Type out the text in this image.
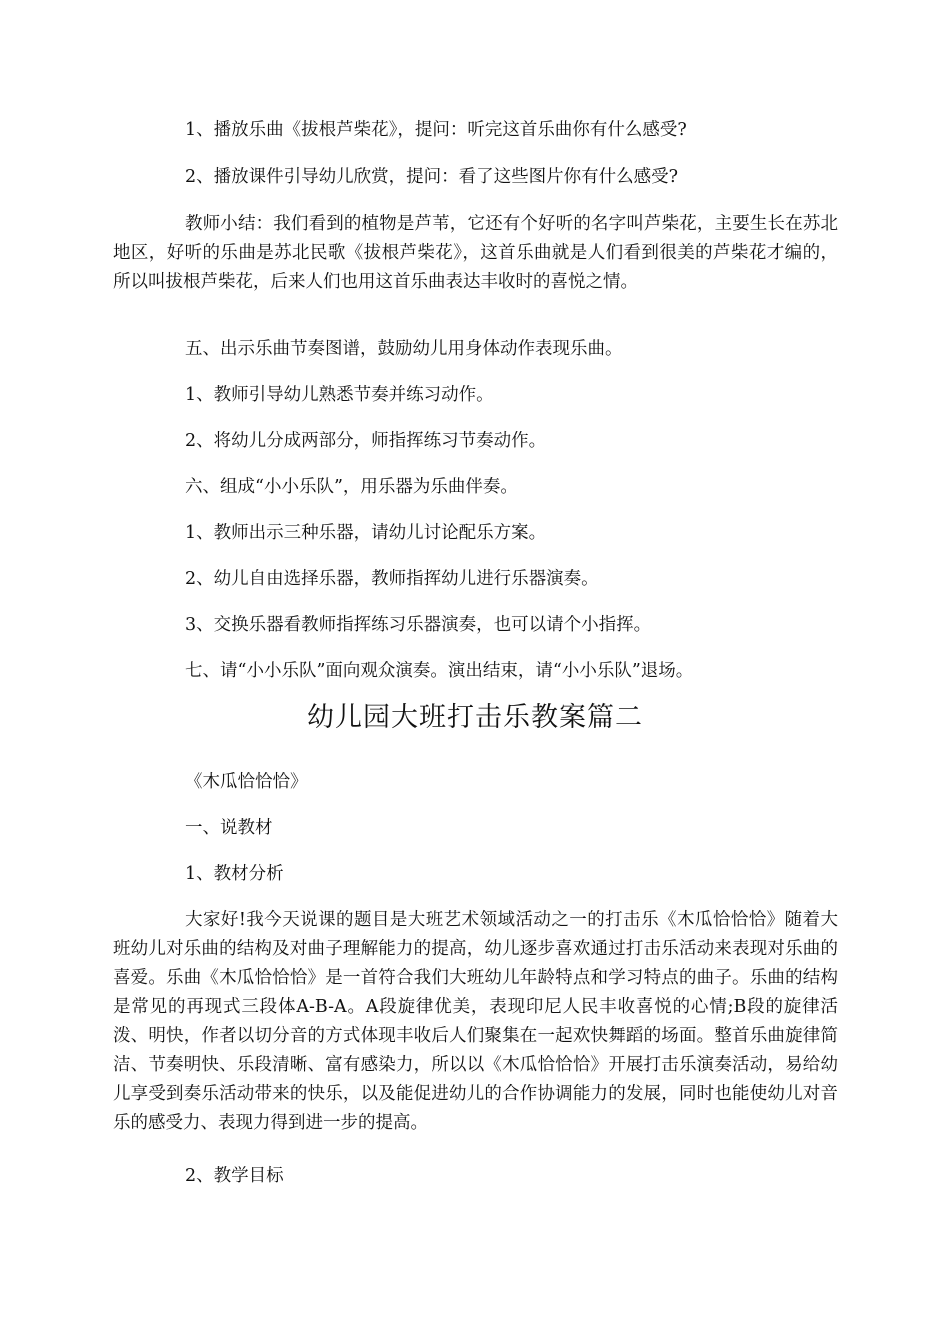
1、播放乐曲《拔根芦柴花》，提问：听完这首乐曲你有什么感受?

2、播放课件引导幼儿欣赏，提问：看了这些图片你有什么感受?

教师小结：我们看到的植物是芦苇，它还有个好听的名字叫芦柴花，主要生长在苏北地区，好听的乐曲是苏北民歌《拔根芦柴花》，这首乐曲就是人们看到很美的芦柴花才编的，所以叫拔根芦柴花，后来人们也用这首乐曲表达丰收时的喜悦之情。

五、出示乐曲节奏图谱，鼓励幼儿用身体动作表现乐曲。

1、教师引导幼儿熟悉节奏并练习动作。

2、将幼儿分成两部分，师指挥练习节奏动作。

六、组成“小小乐队”，用乐器为乐曲伴奏。

1、教师出示三种乐器，请幼儿讨论配乐方案。

2、幼儿自由选择乐器，教师指挥幼儿进行乐器演奏。

3、交换乐器看教师指挥练习乐器演奏，也可以请个小指挥。

七、请“小小乐队”面向观众演奏。演出结束，请“小小乐队”退场。

幼儿园大班打击乐教案篇二

《木瓜恰恰恰》

一、说教材

1、教材分析

大家好!我今天说课的题目是大班艺术领域活动之一的打击乐《木瓜恰恰恰》随着大班幼儿对乐曲的结构及对曲子理解能力的提高，幼儿逐步喜欢通过打击乐活动来表现对乐曲的喜爱。乐曲《木瓜恰恰恰》是一首符合我们大班幼儿年龄特点和学习特点的曲子。乐曲的结构是常见的再现式三段体A-B-A。A段旋律优美，表现印尼人民丰收喜悦的心情;B段的旋律活泼、明快，作者以切分音的方式体现丰收后人们聚集在一起欢快舞蹈的场面。整首乐曲旋律简洁、节奏明快、乐段清晰、富有感染力，所以以《木瓜恰恰恰》开展打击乐演奏活动，易给幼儿享受到奏乐活动带来的快乐，以及能促进幼儿的合作协调能力的发展，同时也能使幼儿对音乐的感受力、表现力得到进一步的提高。

2、教学目标
